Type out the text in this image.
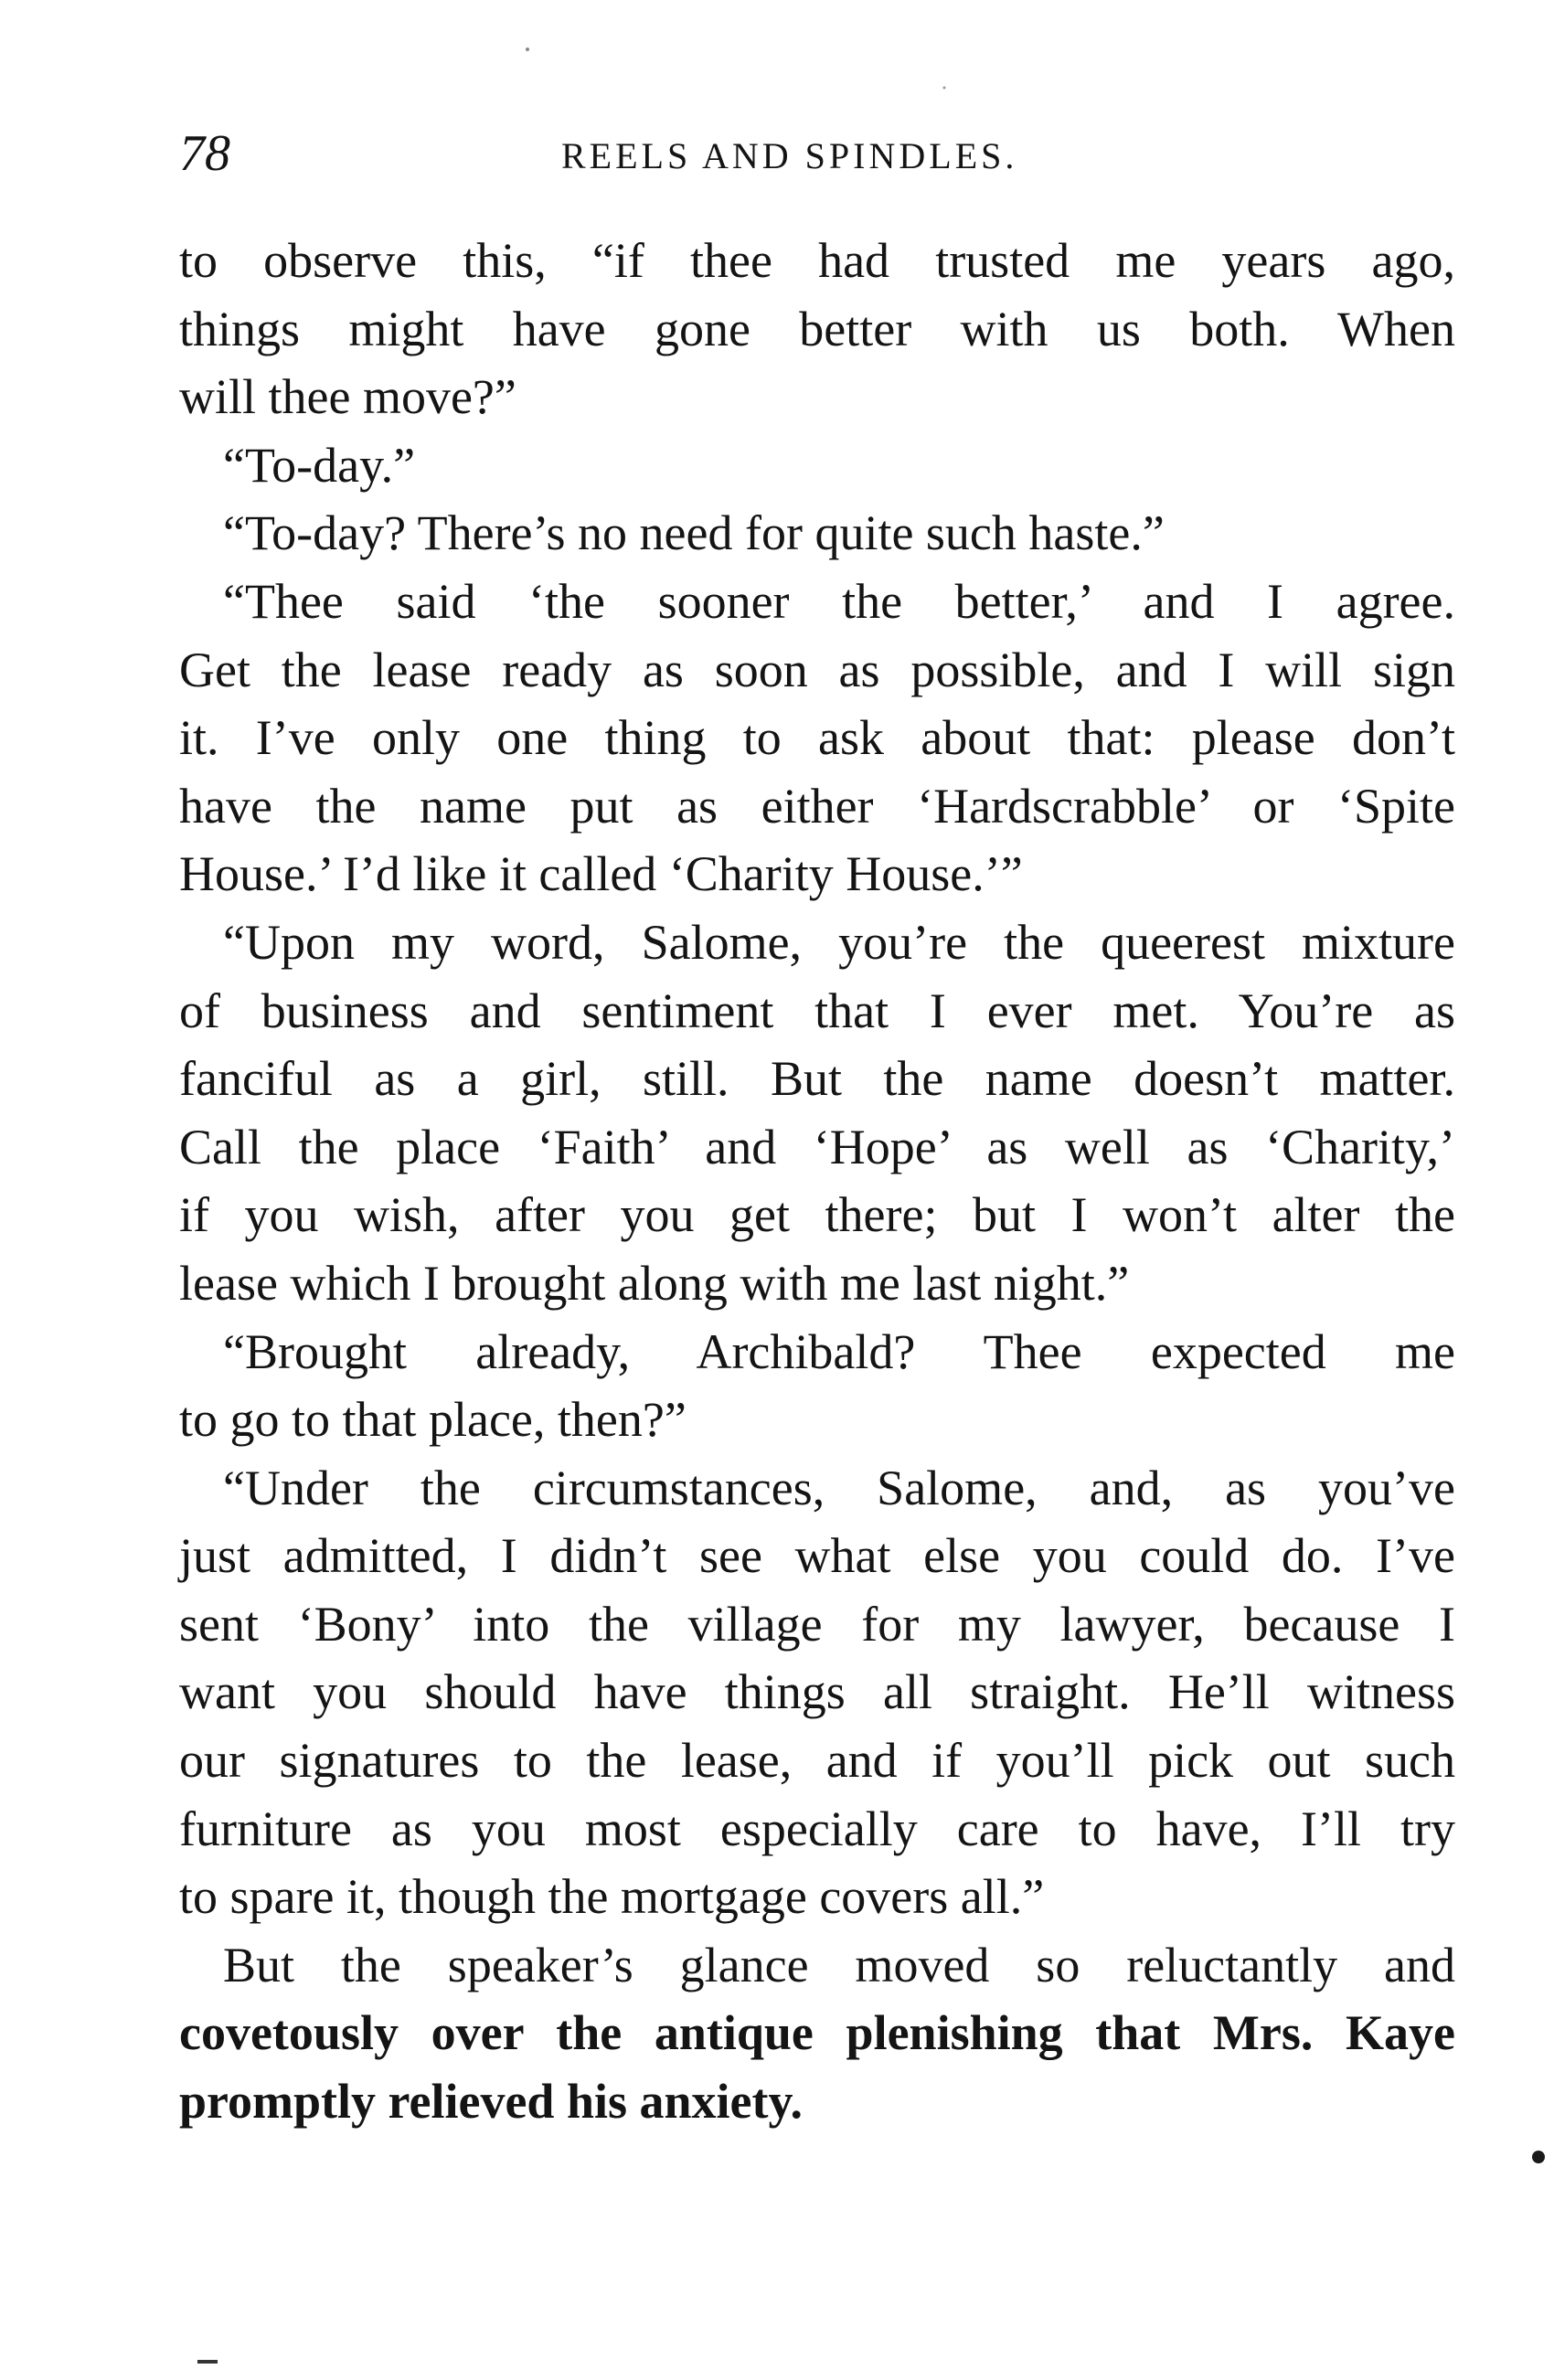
78	REELS AND SPINDLES.
to observe this, “if thee had trusted me years ago,
things might have gone better with us both. When
will thee move?”
“To-day.”
“To-day? There’s no need for quite such haste.”
“Thee said ‘the sooner the better,’ and I agree.
Get the lease ready as soon as possible, and I will sign
it. I’ve only one thing to ask about that: please don’t
have the name put as either ‘Hardscrabble’ or ‘Spite
House.’ I’d like it called ‘Charity House.’”
“Upon my word, Salome, you’re the queerest mixture
of business and sentiment that I ever met. You’re as
fanciful as a girl, still. But the name doesn’t matter.
Call the place ‘Faith’ and ‘Hope’ as well as ‘Charity,’
if you wish, after you get there; but I won’t alter the
lease which I brought along with me last night.”
“Brought already, Archibald? Thee expected me
to go to that place, then?”
“Under the circumstances, Salome, and, as you’ve
just admitted, I didn’t see what else you could do. I’ve
sent ‘Bony’ into the village for my lawyer, because I
want you should have things all straight. He’ll witness
our signatures to the lease, and if you’ll pick out such
furniture as you most especially care to have, I’ll try
to spare it, though the mortgage covers all.”
But the speaker’s glance moved so reluctantly and
covetously over the antique plenishing that Mrs. Kaye
promptly relieved his anxiety.
